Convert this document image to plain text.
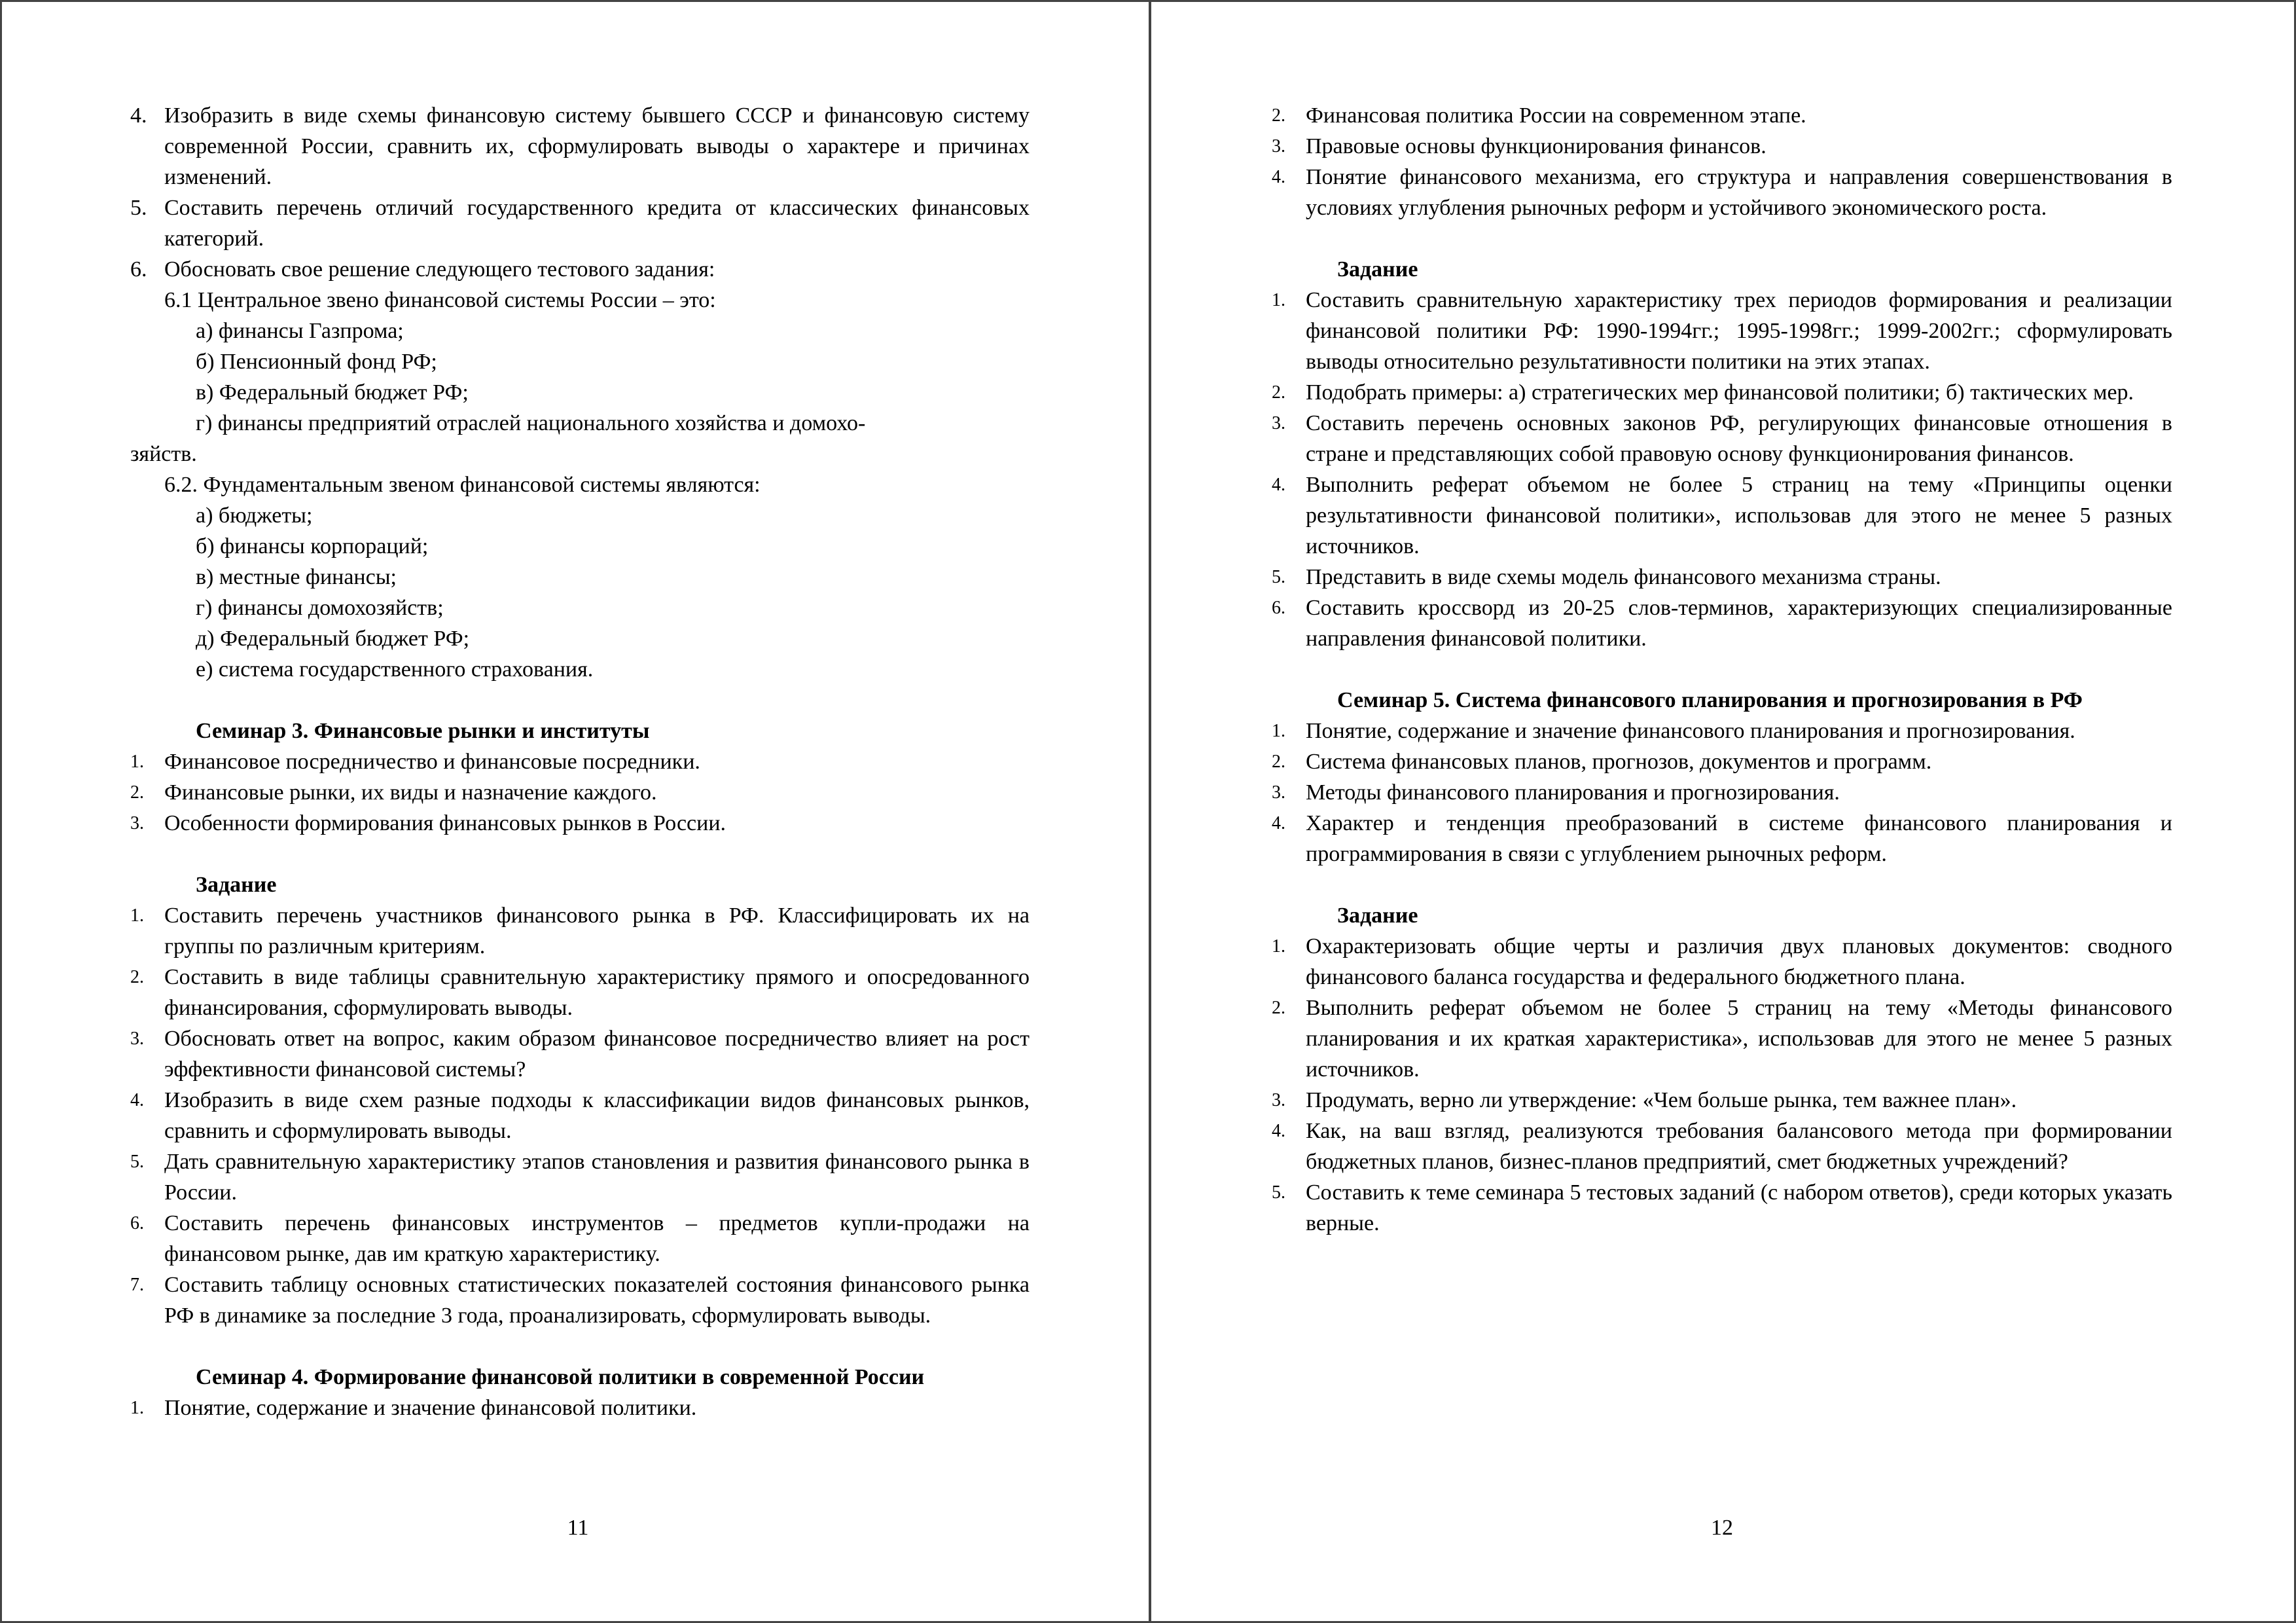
4. Изобразить в виде схемы финансовую систему бывшего СССР и финансовую систему современной России, сравнить их, сформулировать выводы о характере и причинах изменений.
5. Составить перечень отличий государственного кредита от классических финансовых категорий.
6. Обосновать свое решение следующего тестового задания:
6.1 Центральное звено финансовой системы России – это:
а) финансы Газпрома;
б) Пенсионный фонд РФ;
в) Федеральный бюджет РФ;
г) финансы предприятий отраслей национального хозяйства и домохо-
зяйств.
6.2. Фундаментальным звеном финансовой системы являются:
а) бюджеты;
б) финансы корпораций;
в) местные финансы;
г) финансы домохозяйств;
д) Федеральный бюджет РФ;
е) система государственного страхования.
Семинар 3. Финансовые рынки и институты
1. Финансовое посредничество и финансовые посредники.
2. Финансовые рынки, их виды и назначение каждого.
3. Особенности формирования финансовых рынков в России.
Задание
1. Составить перечень участников финансового рынка в РФ. Классифицировать их на группы по различным критериям.
2. Составить в виде таблицы сравнительную характеристику прямого и опосредованного финансирования, сформулировать выводы.
3. Обосновать ответ на вопрос, каким образом финансовое посредничество влияет на рост эффективности финансовой системы?
4. Изобразить в виде схем разные подходы к классификации видов финансовых рынков, сравнить и сформулировать выводы.
5. Дать сравнительную характеристику этапов становления и развития финансового рынка в России.
6. Составить перечень финансовых инструментов – предметов купли-продажи на финансовом рынке, дав им краткую характеристику.
7. Составить таблицу основных статистических показателей состояния финансового рынка РФ в динамике за последние 3 года, проанализировать, сформулировать выводы.
Семинар 4. Формирование финансовой политики в современной России
1. Понятие, содержание и значение финансовой политики.
11
2. Финансовая политика России на современном этапе.
3. Правовые основы функционирования финансов.
4. Понятие финансового механизма, его структура и направления совершенствования в условиях углубления рыночных реформ и устойчивого экономического роста.
Задание
1. Составить сравнительную характеристику трех периодов формирования и реализации финансовой политики РФ: 1990-1994гг.; 1995-1998гг.; 1999-2002гг.; сформулировать выводы относительно результативности политики на этих этапах.
2. Подобрать примеры: а) стратегических мер финансовой политики; б) тактических мер.
3. Составить перечень основных законов РФ, регулирующих финансовые отношения в стране и представляющих собой правовую основу функционирования финансов.
4. Выполнить реферат объемом не более 5 страниц на тему «Принципы оценки результативности финансовой политики», использовав для этого не менее 5 разных источников.
5. Представить в виде схемы модель финансового механизма страны.
6. Составить кроссворд из 20-25 слов-терминов, характеризующих специализированные направления финансовой политики.
Семинар 5. Система финансового планирования и прогнозирования в РФ
1. Понятие, содержание и значение финансового планирования и прогнозирования.
2. Система финансовых планов, прогнозов, документов и программ.
3. Методы финансового планирования и прогнозирования.
4. Характер и тенденция преобразований в системе финансового планирования и программирования в связи с углублением рыночных реформ.
Задание
1. Охарактеризовать общие черты и различия двух плановых документов: сводного финансового баланса государства и федерального бюджетного плана.
2. Выполнить реферат объемом не более 5 страниц на тему «Методы финансового планирования и их краткая характеристика», использовав для этого не менее 5 разных источников.
3. Продумать, верно ли утверждение: «Чем больше рынка, тем важнее план».
4. Как, на ваш взгляд, реализуются требования балансового метода при формировании бюджетных планов, бизнес-планов предприятий, смет бюджетных учреждений?
5. Составить к теме семинара 5 тестовых заданий (с набором ответов), среди которых указать верные.
12
